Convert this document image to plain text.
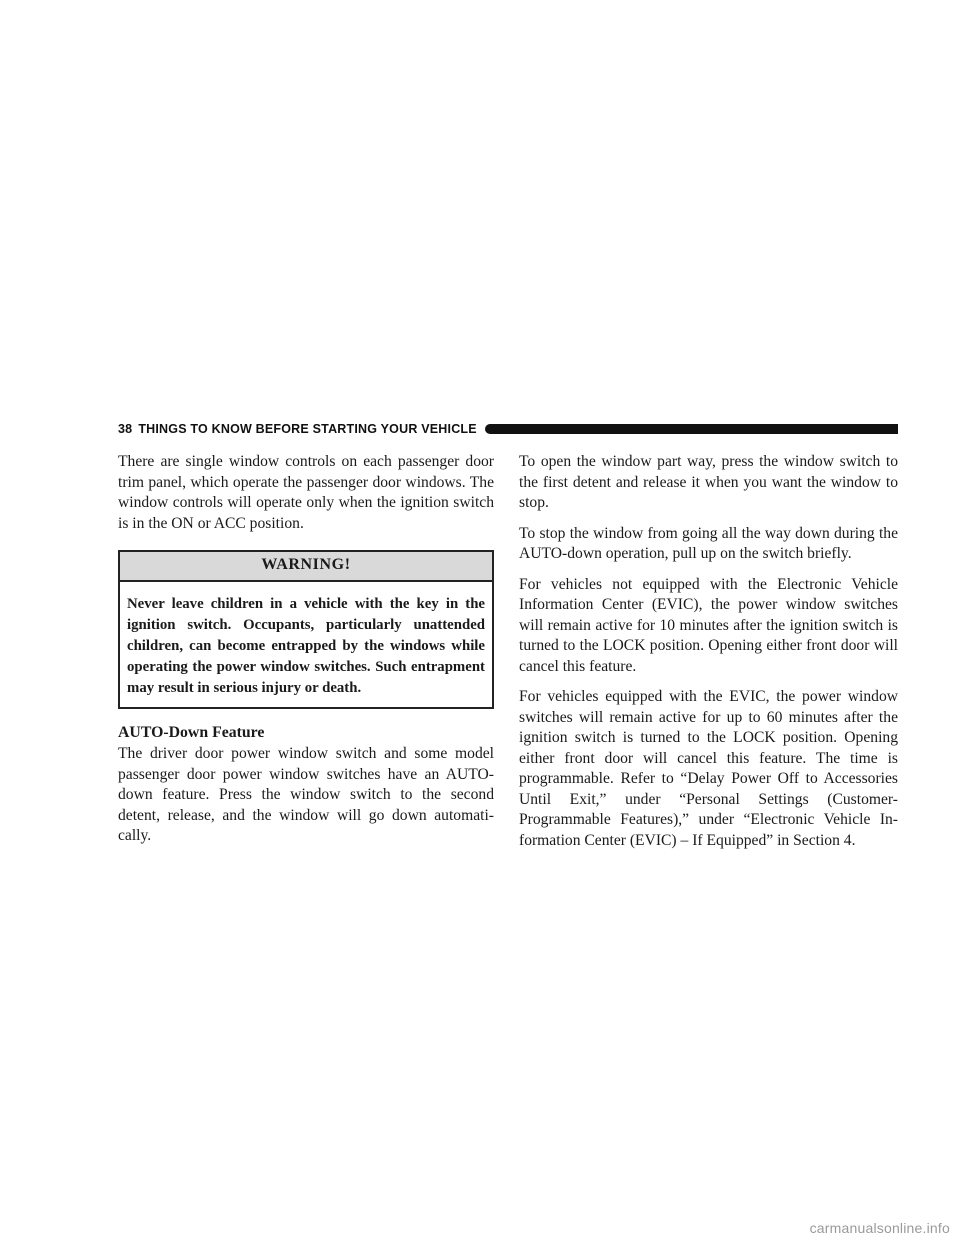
38 THINGS TO KNOW BEFORE STARTING YOUR VEHICLE

There are single window controls on each passenger door trim panel, which operate the passenger door windows. The window controls will operate only when the ignition switch is in the ON or ACC position.

WARNING!
Never leave children in a vehicle with the key in the ignition switch. Occupants, particularly unattended children, can become entrapped by the windows while operating the power window switches. Such entrapment may result in serious injury or death.
AUTO-Down Feature

The driver door power window switch and some model passenger door power window switches have an AUTO-down feature. Press the window switch to the second detent, release, and the window will go down automati-cally.

To open the window part way, press the window switch to the first detent and release it when you want the window to stop.

To stop the window from going all the way down during the AUTO-down operation, pull up on the switch briefly.

For vehicles not equipped with the Electronic Vehicle Information Center (EVIC), the power window switches will remain active for 10 minutes after the ignition switch is turned to the LOCK position. Opening either front door will cancel this feature.

For vehicles equipped with the EVIC, the power window switches will remain active for up to 60 minutes after the ignition switch is turned to the LOCK position. Opening either front door will cancel this feature. The time is programmable. Refer to “Delay Power Off to Accessories Until Exit,” under “Personal Settings (Customer-Programmable Features),” under “Electronic Vehicle In-formation Center (EVIC) – If Equipped” in Section 4.

carmanualsonline.info
